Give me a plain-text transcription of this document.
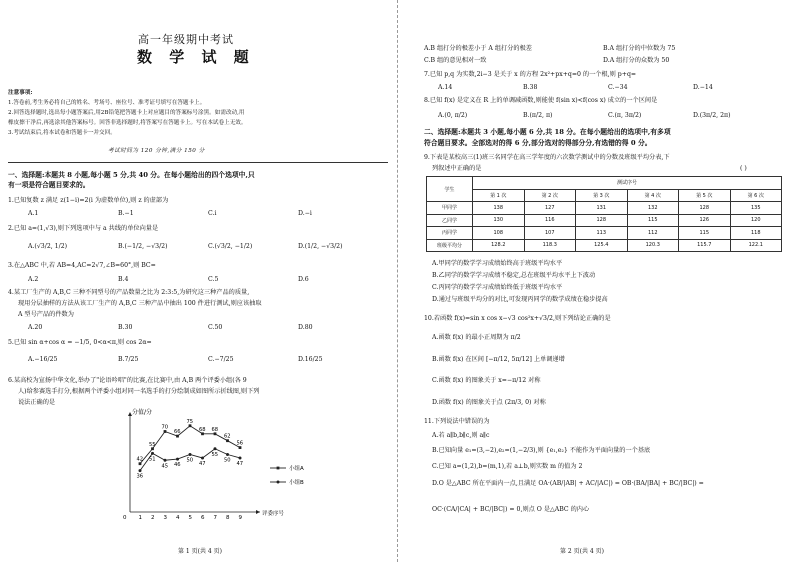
高一年级期中考试
数 学 试 题
注意事项:
1.答卷前,考生务必将自己的姓名、考场号、座位号、准考证号填写在答题卡上。
2.回答选择题时,选出每小题答案后,用2B铅笔把答题卡上对应题目的答案标号涂黑。如需改动,用
橡皮擦干净后,再选涂其他答案标号。回答非选择题时,将答案写在答题卡上。写在本试卷上无效。
3.考试结束后,将本试卷和答题卡一并交回。
考试时间为 120 分钟,满分 150 分
一、选择题:本题共 8 小题,每小题 5 分,共 40 分。在每小题给出的四个选项中,只
有一项是符合题目要求的。
1.已知复数 z 满足 z(1−i)=2(i 为虚数单位),则 z 的虚部为
A.1	B.−1	C.i	D.−i
2.已知 a=(1,√3),则下列选项中与 a 共线的单位向量是
A.(√3/2, 1/2)	B.(−1/2, −√3/2)	C.(√3/2, −1/2)	D.(1/2, −√3/2)
3.在△ABC 中,若 AB=4,AC=2√7,∠B=60°,则 BC=
A.2	B.4	C.5	D.6
4.某工厂生产的 A,B,C 三种不同型号的产品数量之比为 2:3:5,为研究这三种产品的质量,
现用分层抽样的方法从该工厂生产的 A,B,C 三种产品中抽出 100 件进行测试,则应该抽取
A 型号产品的件数为
A.20	B.30	C.50	D.80
5.已知 sin α+cos α = −1/5, 0<α<π,则 cos 2α=
A.−16/25	B.7/25	C.−7/25	D.16/25
6.某高校为宣扬中华文化,举办了"论语吟唱"的比赛,在比赛中,由 A,B 两个评委小组(各 9
人)给参赛选手打分,根据两个评委小组对同一名选手的打分绘制成如图所示折线图,则下列
说法正确的是
分值/分
评委序号
0 1 2 3 4 5 6 7 8 9
42
55
70
66
75
68 68
62
56
小组A
36
51
45 46
50
47
55
50
47
小组B
第 1 页(共 4 页)
A.B 组打分的极差小于 A 组打分的极差	B.A 组打分的中位数为 75
C.B 组的意见相对一致	D.A 组打分的众数为 50
7.已知 p,q 为实数,2i−3 是关于 x 的方程 2x²+px+q=0 的一个根,则 p+q=
A.14	B.38	C.−34	D.−14
8.已知 f(x) 是定义在 R 上的单调减函数,则能使 f(sin x)<f(cos x) 成立的一个区间是
A.(0, π/2)	B.(π/2, π)	C.(π, 3π/2)	D.(3π/2, 2π)
二、选择题:本题共 3 小题,每小题 6 分,共 18 分。在每小题给出的选项中,有多项
符合题目要求。全部选对的得 6 分,部分选对的得部分分,有选错的得 0 分。
9.下表是某校高三(1)班三名同学在高三学年度的六次数学测试中的分数及班级平均分表,下
列叙述中正确的是	( )
学生	测试序号					
	第 1 次	第 2 次	第 3 次	第 4 次	第 5 次	第 6 次
甲同学	138	127	131	132	128	135
乙同学	130	116	128	115	126	120
丙同学	108	107	113	112	115	118
班级平均分	128.2	118.3	125.4	120.3	115.7	122.1
A.甲同学的数学学习成绩始终高于班级平均水平
B.乙同学的数学学习成绩不稳定,总在班级平均水平上下波动
C.丙同学的数学学习成绩始终低于班级平均水平
D.通过与班级平均分的对比,可发现丙同学的数学成绩在稳步提高
10.若函数 f(x)=sin x cos x−√3 cos²x+√3/2,则下列结论正确的是
A.函数 f(x) 的最小正周期为 π/2
B.函数 f(x) 在区间 [−π/12, 5π/12] 上单调递增
C.函数 f(x) 的图象关于 x=−π/12 对称
D.函数 f(x) 的图象关于点 (2π/3, 0) 对称
11.下列说法中错误的为
A.若 a∥b,b∥c,则 a∥c
B.已知向量 e₁=(3,−2),e₂=(1,−2/3),则 {e₁,e₂} 不能作为平面向量的一个基底
C.已知 a=(1,2),b=(m,1),若 a⊥b,则实数 m 的值为 2
D.O 是△ABC 所在平面内一点,且满足 OA·(AB/|AB| + AC/|AC|) = OB·(BA/|BA| + BC/|BC|) =
OC·(CA/|CA| + BC/|BC|) = 0,则点 O 是△ABC 的内心
第 2 页(共 4 页)
